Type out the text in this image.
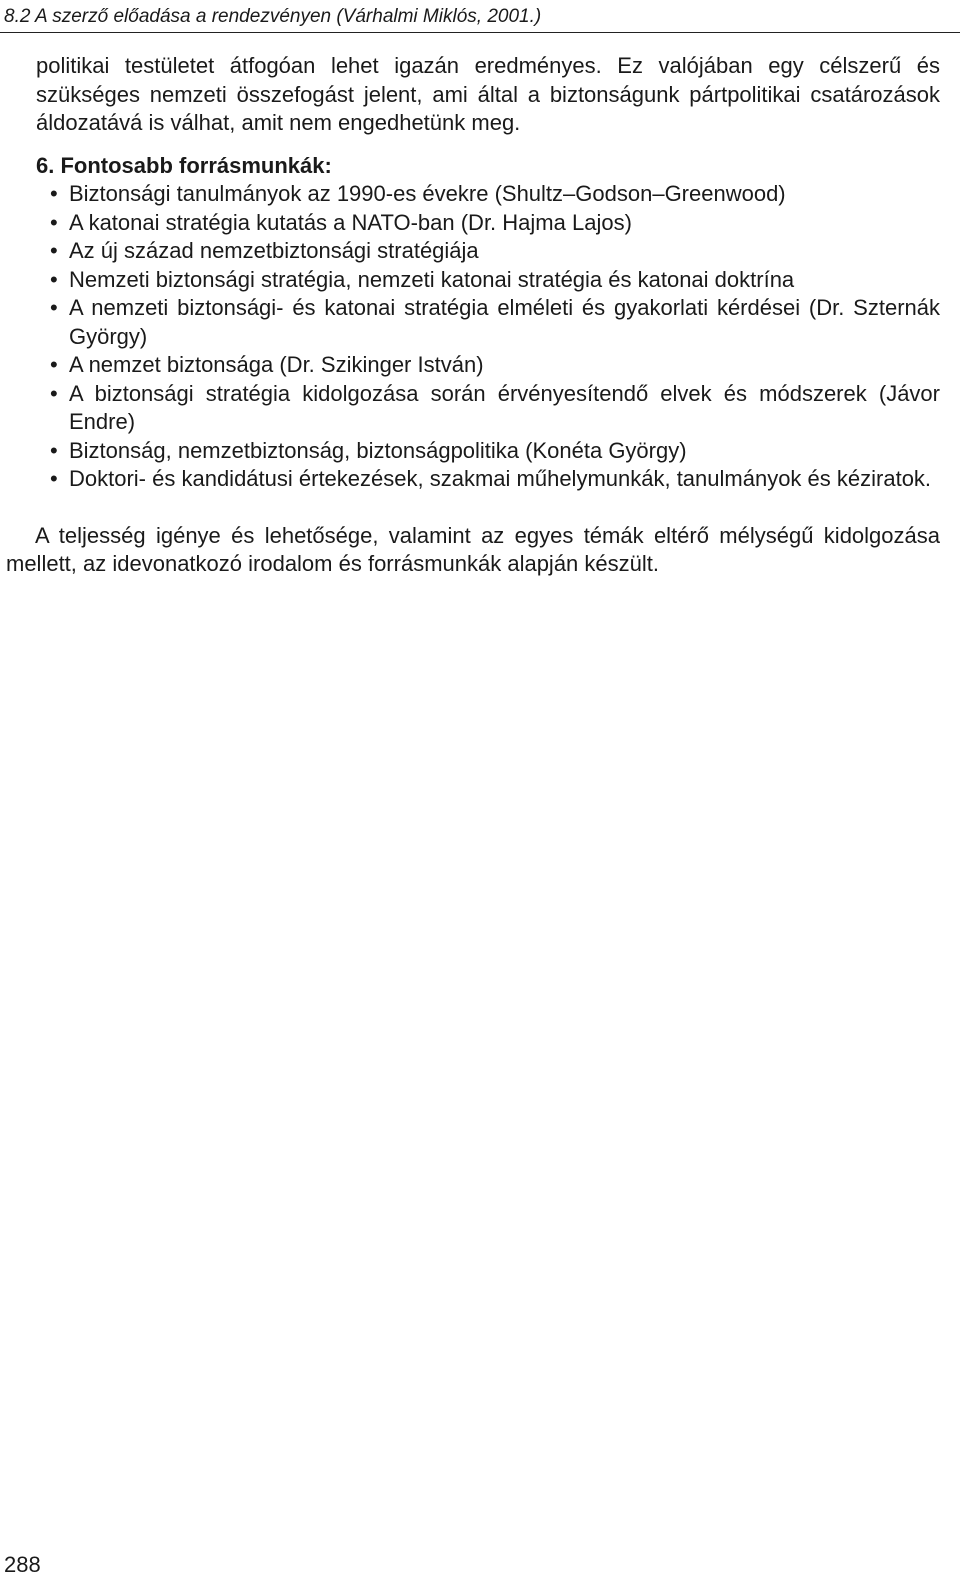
8.2 A szerző előadása a rendezvényen (Várhalmi Miklós, 2001.)

politikai testületet átfogóan lehet igazán eredményes. Ez valójában egy célszerű és szükséges nemzeti összefogást jelent, ami által a biztonságunk pártpolitikai csatározások áldozatává is válhat, amit nem engedhetünk meg.

6. Fontosabb forrásmunkák:
• Biztonsági tanulmányok az 1990-es évekre (Shultz–Godson–Greenwood)
• A katonai stratégia kutatás a NATO-ban (Dr. Hajma Lajos)
• Az új század nemzetbiztonsági stratégiája
• Nemzeti biztonsági stratégia, nemzeti katonai stratégia és katonai doktrína
• A nemzeti biztonsági- és katonai stratégia elméleti és gyakorlati kérdései (Dr. Szternák György)
• A nemzet biztonsága (Dr. Szikinger István)
• A biztonsági stratégia kidolgozása során érvényesítendő elvek és módszerek (Jávor Endre)
• Biztonság, nemzetbiztonság, biztonságpolitika (Konéta György)
• Doktori- és kandidátusi értekezések, szakmai műhelymunkák, tanulmányok és kéziratok.

A teljesség igénye és lehetősége, valamint az egyes témák eltérő mélységű kidolgozása mellett, az idevonatkozó irodalom és forrásmunkák alapján készült.

288
